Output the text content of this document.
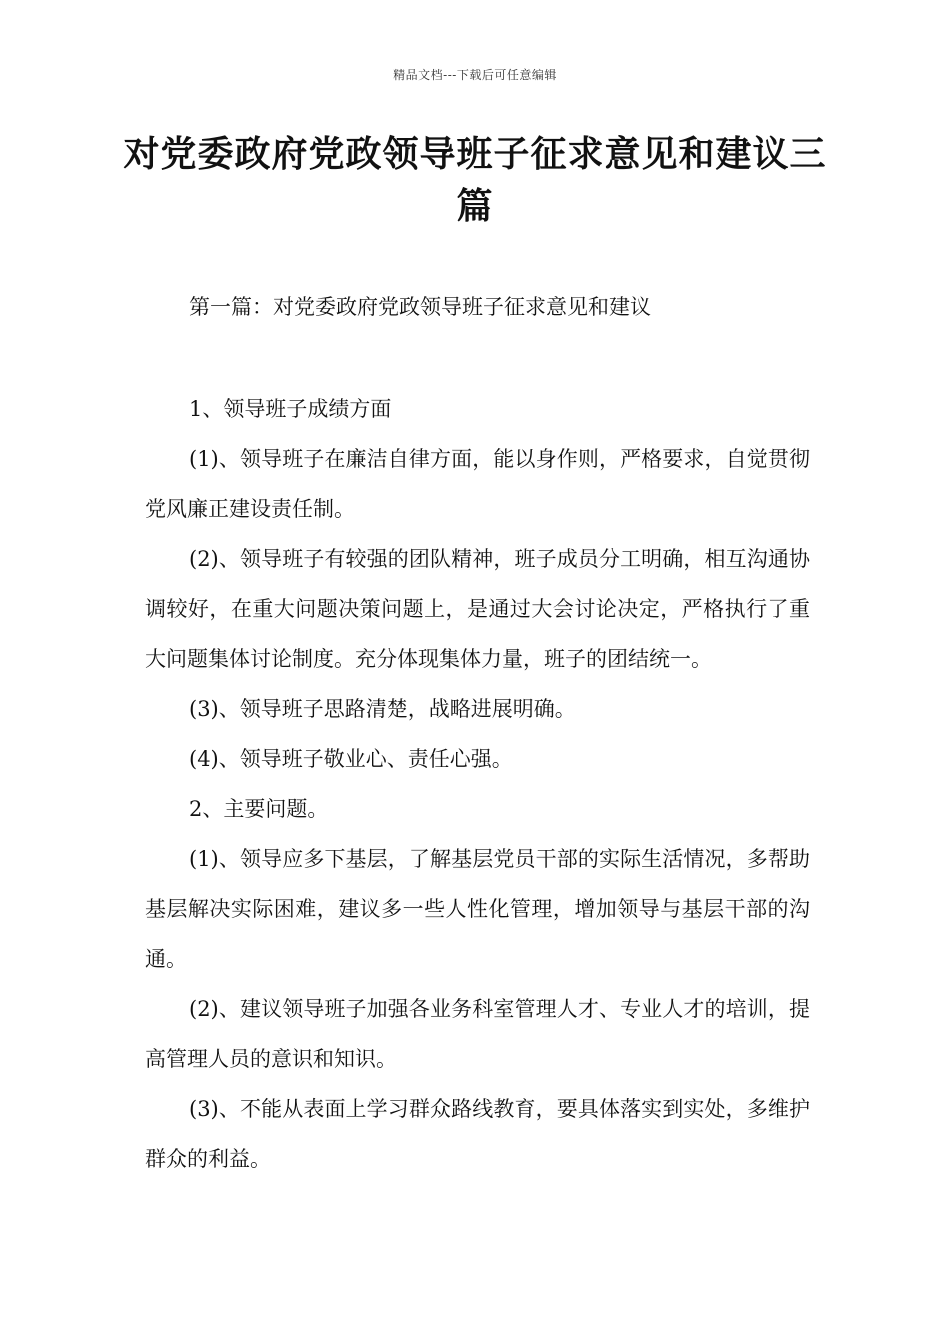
精品文档---下载后可任意编辑
对党委政府党政领导班子征求意见和建议三篇

第一篇：对党委政府党政领导班子征求意见和建议

1、领导班子成绩方面

(1)、领导班子在廉洁自律方面，能以身作则，严格要求，自觉贯彻党风廉正建设责任制。

(2)、领导班子有较强的团队精神，班子成员分工明确，相互沟通协调较好，在重大问题决策问题上，是通过大会讨论决定，严格执行了重大问题集体讨论制度。充分体现集体力量，班子的团结统一。

(3)、领导班子思路清楚，战略进展明确。

(4)、领导班子敬业心、责任心强。

2、主要问题。

(1)、领导应多下基层，了解基层党员干部的实际生活情况，多帮助基层解决实际困难，建议多一些人性化管理，增加领导与基层干部的沟通。

(2)、建议领导班子加强各业务科室管理人才、专业人才的培训，提高管理人员的意识和知识。

(3)、不能从表面上学习群众路线教育，要具体落实到实处，多维护群众的利益。
